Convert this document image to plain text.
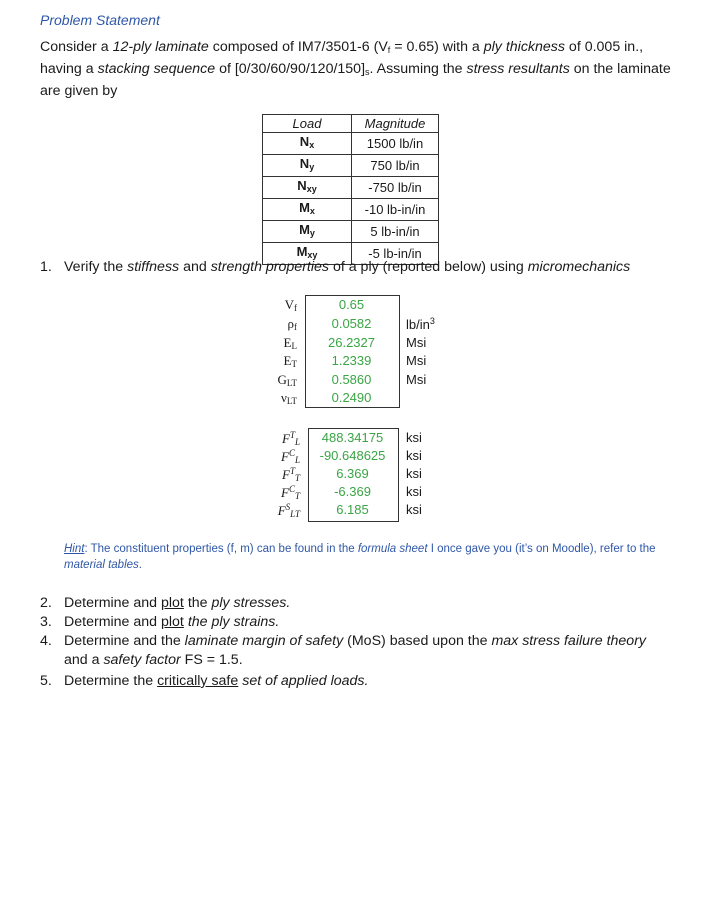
Problem Statement
Consider a 12-ply laminate composed of IM7/3501-6 $(V_f = 0.65)$ with a ply thickness of 0.005 in., having a stacking sequence of $[0/30/60/90/120/150]_s$. Assuming the stress resultants on the laminate are given by
Load	Magnitude
$N_x$	1500 lb/in
$N_y$	750 lb/in
$N_{xy}$	-750 lb/in
$M_x$	-10 lb-in/in
$M_y$	5 lb-in/in
$M_{xy}$	-5 lb-in/in
1. Verify the stiffness and strength properties of a ply (reported below) using micromechanics
$V_f$	0.65
$\rho_f$	0.0582	$lb/in^3$
$E_L$	26.2327	Msi
$E_T$	1.2339	Msi
$G_{LT}$	0.5860	Msi
$\nu_{LT}$	0.2490
$F^T_L$	488.34175	ksi
$F^C_L$	-90.648625	ksi
$F^T_T$	6.369	ksi
$F^C_T$	-6.369	ksi
$F^S_{LT}$	6.185	ksi
Hint: The constituent properties (f, m) can be found in the formula sheet I once gave you (it’s on Moodle), refer to the material tables.
2. Determine and plot the ply stresses.
3. Determine and plot the ply strains.
4. Determine and the laminate margin of safety (MoS) based upon the max stress failure theory and a safety factor FS = 1.5.
5. Determine the critically safe set of applied loads.
